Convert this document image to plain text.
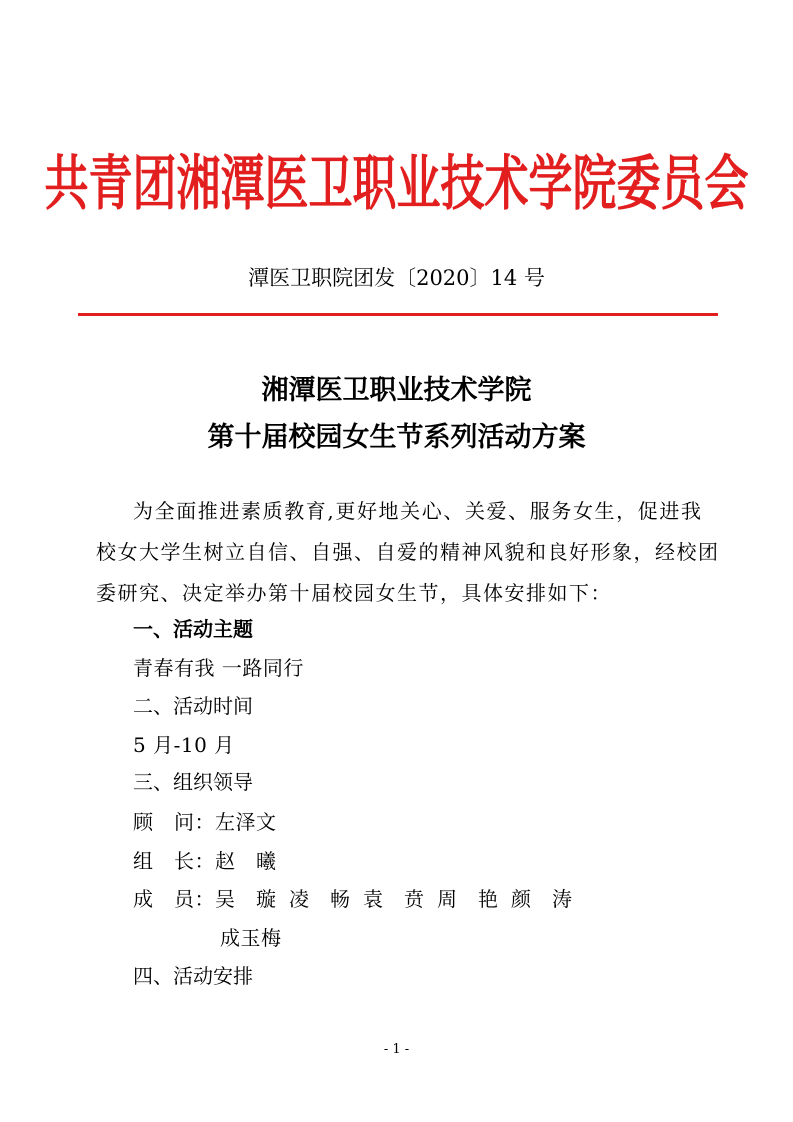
共青团湘潭医卫职业技术学院委员会
潭医卫职院团发〔2020〕14 号
湘潭医卫职业技术学院
第十届校园女生节系列活动方案
为全面推进素质教育,更好地关心、关爱、服务女生，促进我
校女大学生树立自信、自强、自爱的精神风貌和良好形象，经校团
委研究、决定举办第十届校园女生节，具体安排如下：
一、活动主题
青春有我 一路同行
二、活动时间
5 月-10 月
三、组织领导
顾　问：左泽文
组　长：赵　曦
成　员：吴　璇 凌　畅 袁　贲 周　艳 颜　涛
成玉梅
四、活动安排
- 1 -
